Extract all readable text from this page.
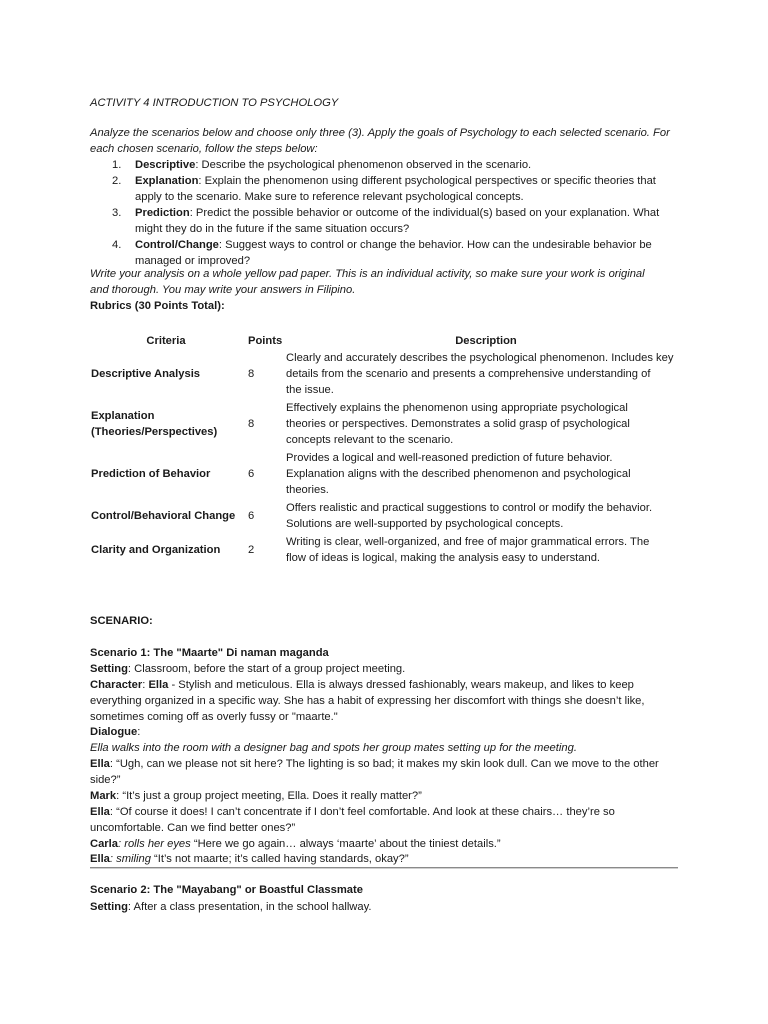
ACTIVITY 4 INTRODUCTION TO PSYCHOLOGY
Analyze the scenarios below and choose only three (3). Apply the goals of Psychology to each selected scenario. For
each chosen scenario, follow the steps below:
1. Descriptive: Describe the psychological phenomenon observed in the scenario.
2. Explanation: Explain the phenomenon using different psychological perspectives or specific theories that
apply to the scenario. Make sure to reference relevant psychological concepts.
3. Prediction: Predict the possible behavior or outcome of the individual(s) based on your explanation. What
might they do in the future if the same situation occurs?
4. Control/Change: Suggest ways to control or change the behavior. How can the undesirable behavior be
managed or improved?
Write your analysis on a whole yellow pad paper. This is an individual activity, so make sure your work is original
and thorough. You may write your answers in Filipino.
Rubrics (30 Points Total):
Criteria	Points	Description
Descriptive Analysis	8	Clearly and accurately describes the psychological phenomenon. Includes key
details from the scenario and presents a comprehensive understanding of
the issue.
Explanation
(Theories/Perspectives)	8	Effectively explains the phenomenon using appropriate psychological
theories or perspectives. Demonstrates a solid grasp of psychological
concepts relevant to the scenario.
Prediction of Behavior	6	Provides a logical and well-reasoned prediction of future behavior.
Explanation aligns with the described phenomenon and psychological
theories.
Control/Behavioral Change	6	Offers realistic and practical suggestions to control or modify the behavior.
Solutions are well-supported by psychological concepts.
Clarity and Organization	2	Writing is clear, well-organized, and free of major grammatical errors. The
flow of ideas is logical, making the analysis easy to understand.
SCENARIO:
Scenario 1: The "Maarte" Di naman maganda
Setting: Classroom, before the start of a group project meeting.
Character: Ella - Stylish and meticulous. Ella is always dressed fashionably, wears makeup, and likes to keep
everything organized in a specific way. She has a habit of expressing her discomfort with things she doesn’t like,
sometimes coming off as overly fussy or "maarte."
Dialogue:
Ella walks into the room with a designer bag and spots her group mates setting up for the meeting.
Ella: “Ugh, can we please not sit here? The lighting is so bad; it makes my skin look dull. Can we move to the other
side?”
Mark: “It’s just a group project meeting, Ella. Does it really matter?”
Ella: “Of course it does! I can’t concentrate if I don’t feel comfortable. And look at these chairs… they’re so
uncomfortable. Can we find better ones?”
Carla: rolls her eyes “Here we go again… always ‘maarte’ about the tiniest details.”
Ella: smiling “It’s not maarte; it’s called having standards, okay?”
Scenario 2: The "Mayabang" or Boastful Classmate
Setting: After a class presentation, in the school hallway.
